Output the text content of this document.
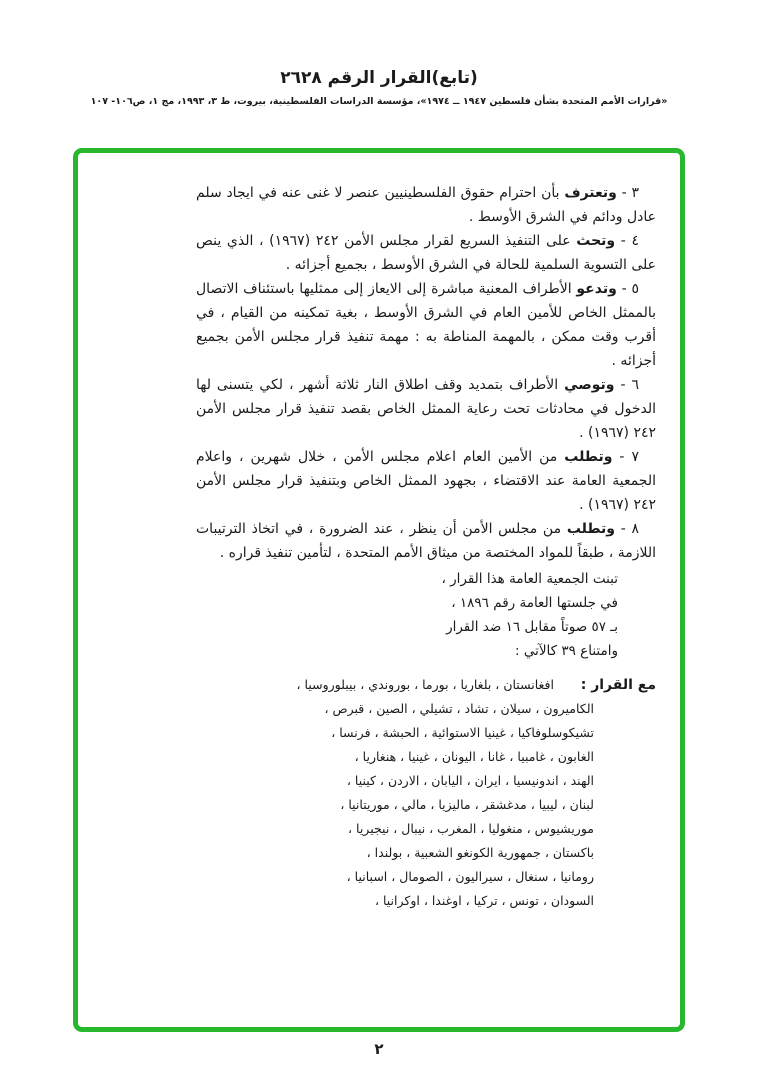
(تابع)القرار الرقم ٢٦٢٨
«قرارات الأمم المتحدة بشأن فلسطين ١٩٤٧ ــ ١٩٧٤»، مؤسسة الدراسات الفلسطينية، بيروت، ط ٣، ١٩٩٣، مج ١، ص١٠٦- ١٠٧

٣ - وتعترف بأن احترام حقوق الفلسطينيين عنصر لا غنى عنه في ايجاد سلم عادل ودائم في الشرق الأوسط .

٤ - وتحث على التنفيذ السريع لقرار مجلس الأمن ٢٤٢ (١٩٦٧) ، الذي ينص على التسوية السلمية للحالة في الشرق الأوسط ، بجميع أجزائه .

٥ - وتدعو الأطراف المعنية مباشرة إلى الايعاز إلى ممثليها باستئناف الاتصال بالممثل الخاص للأمين العام في الشرق الأوسط ، بغية تمكينه من القيام ، في أقرب وقت ممكن ، بالمهمة المناطة به : مهمة تنفيذ قرار مجلس الأمن بجميع أجزائه .

٦ - وتوصي الأطراف بتمديد وقف اطلاق النار ثلاثة أشهر ، لكي يتسنى لها الدخول في محادثات تحت رعاية الممثل الخاص بقصد تنفيذ قرار مجلس الأمن ٢٤٢ (١٩٦٧) .

٧ - وتطلب من الأمين العام اعلام مجلس الأمن ، خلال شهرين ، واعلام الجمعية العامة عند الاقتضاء ، بجهود الممثل الخاص وبتنفيذ قرار مجلس الأمن ٢٤٢ (١٩٦٧) .

٨ - وتطلب من مجلس الأمن أن ينظر ، عند الضرورة ، في اتخاذ الترتيبات اللازمة ، طبقاً للمواد المختصة من ميثاق الأمم المتحدة ، لتأمين تنفيذ قراره .

تبنت الجمعية العامة هذا القرار ،
في جلستها العامة رقم ١٨٩٦ ،
بـ ٥٧ صوتاً مقابل ١٦ ضد القرار
وامتناع ٣٩ كالآتي :
مع القرار :
افغانستان ، بلغاريا ، بورما ، بوروندي ، بيبلوروسيا ،
الكاميرون ، سيلان ، تشاد ، تشيلي ، الصين ، قبرص ،
تشيكوسلوفاكيا ، غينيا الاستوائية ، الحبشة ، فرنسا ،
الغابون ، غامبيا ، غانا ، اليونان ، غينيا ، هنغاريا ،
الهند ، اندونيسيا ، ايران ، اليابان ، الاردن ، كينيا ،
لبنان ، ليبيا ، مدغشقر ، ماليزيا ، مالي ، موريتانيا ،
موريشيوس ، منغوليا ، المغرب ، نيبال ، نيجيريا ،
باكستان ، جمهورية الكونغو الشعبية ، بولندا ،
رومانيا ، سنغال ، سيراليون ، الصومال ، اسبانيا ،
السودان ، تونس ، تركيا ، اوغندا ، اوكرانيا ،
٢
